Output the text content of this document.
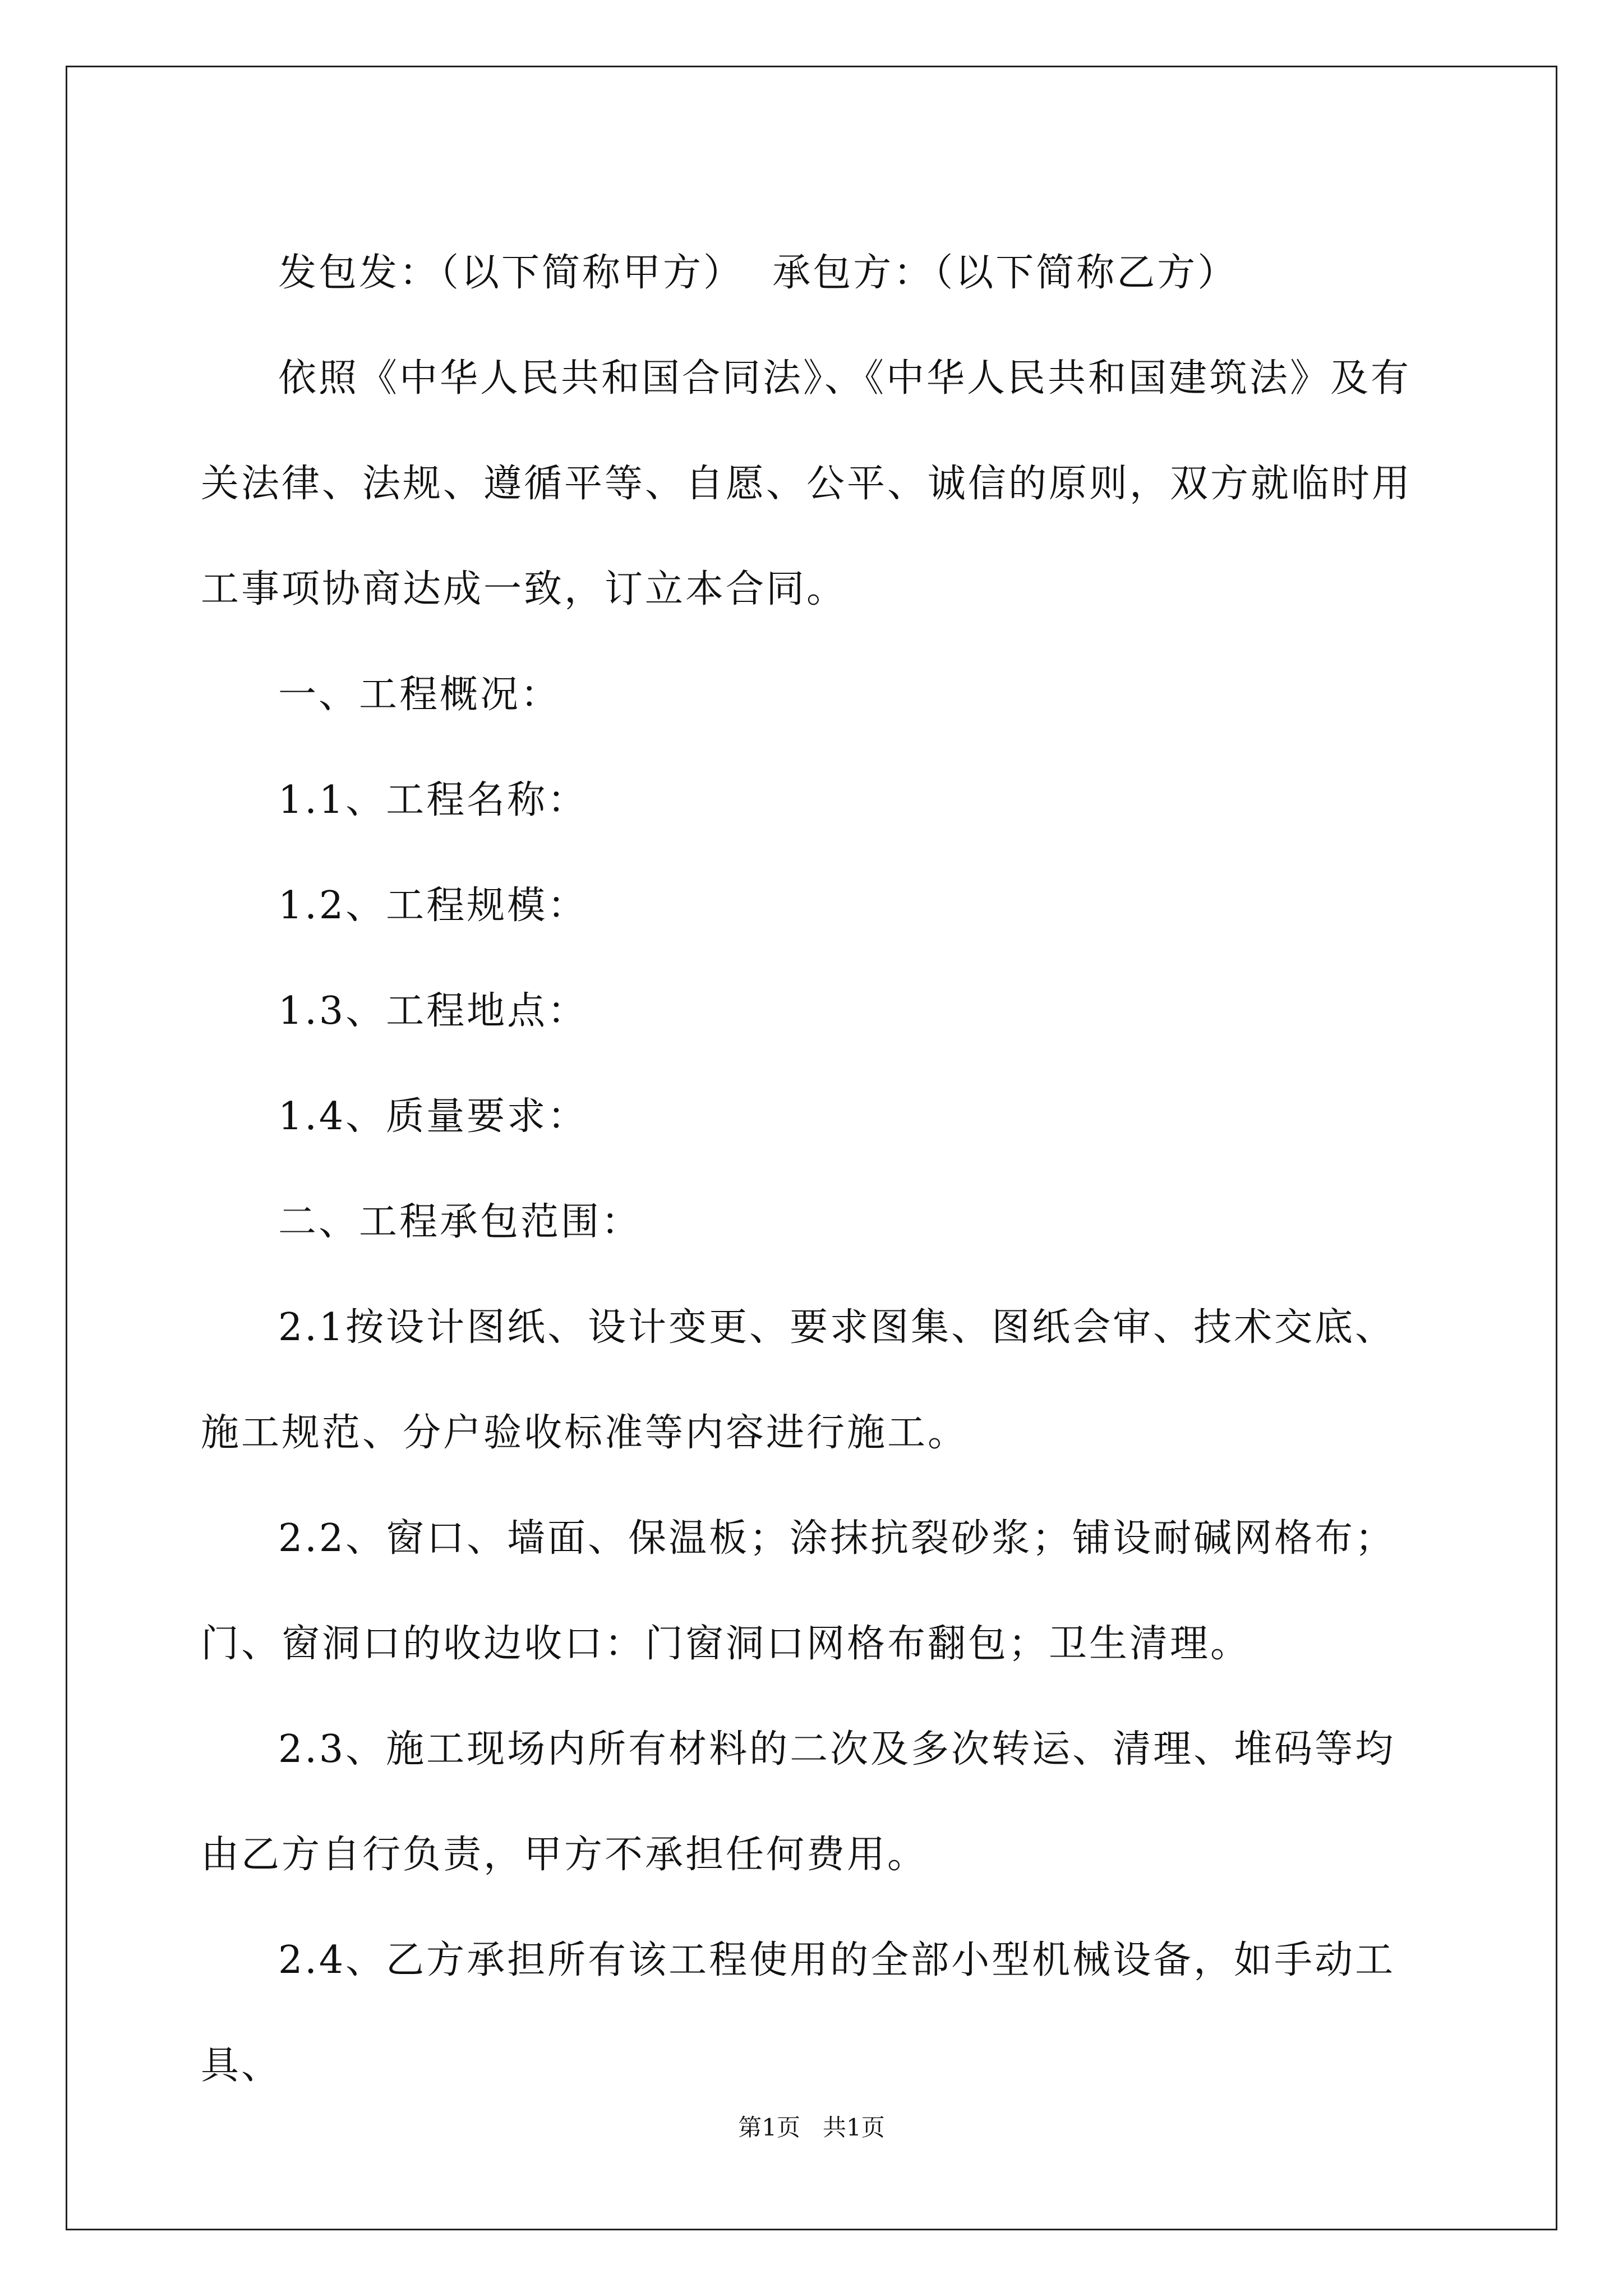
发包发：（以下简称甲方）  承包方：（以下简称乙方）

依照《中华人民共和国合同法》、《中华人民共和国建筑法》及有关法律、法规、遵循平等、自愿、公平、诚信的原则，双方就临时用工事项协商达成一致，订立本合同。

一、工程概况：

1.1、工程名称：

1.2、工程规模：

1.3、工程地点：

1.4、质量要求：

二、工程承包范围：

2.1按设计图纸、设计变更、要求图集、图纸会审、技术交底、施工规范、分户验收标准等内容进行施工。

2.2、窗口、墙面、保温板；涂抹抗裂砂浆；铺设耐碱网格布；门、窗洞口的收边收口：门窗洞口网格布翻包；卫生清理。

2.3、施工现场内所有材料的二次及多次转运、清理、堆码等均由乙方自行负责，甲方不承担任何费用。

2.4、乙方承担所有该工程使用的全部小型机械设备，如手动工具、

第1页   共1页
